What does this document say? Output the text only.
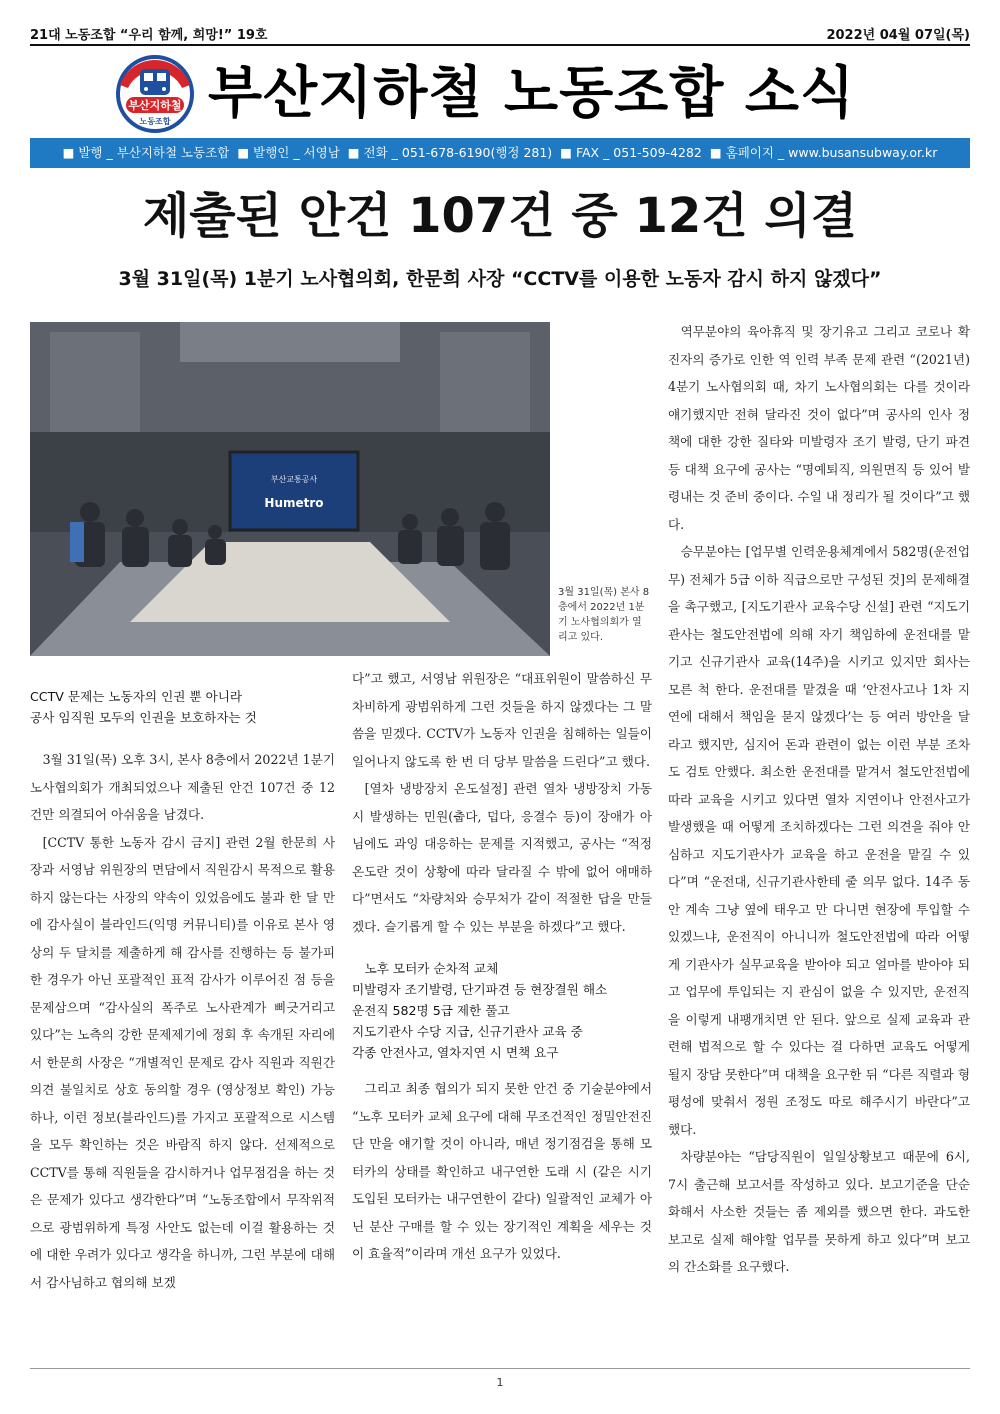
21대 노동조합 “우리 함께, 희망!” 19호	2022년 04월 07일(목)
부산지하철
노동조합 부산지하철 노동조합 소식
■ 발행 _ 부산지하철 노동조합 ■ 발행인 _ 서영남 ■ 전화 _ 051-678-6190(행정 281) ■ FAX _ 051-509-4282 ■ 홈페이지 _ www.busansubway.or.kr
제출된 안건 107건 중 12건 의결
3월 31일(목) 1분기 노사협의회, 한문희 사장 “CCTV를 이용한 노동자 감시 하지 않겠다”
부산교통공사
Humetro
3월 31일(목) 본사 8층에서 2022년 1분기 노사협의회가 열리고 있다.

CCTV 문제는 노동자의 인권 뿐 아니라
공사 임직원 모두의 인권을 보호하자는 것

3월 31일(목) 오후 3시, 본사 8층에서 2022년 1분기 노사협의회가 개최되었으나 제출된 안건 107건 중 12건만 의결되어 아쉬움을 남겼다.

[CCTV 통한 노동자 감시 금지] 관련 2월 한문희 사장과 서영남 위원장의 면담에서 직원감시 목적으로 활용하지 않는다는 사장의 약속이 있었음에도 불과 한 달 만에 감사실이 블라인드(익명 커뮤니티)를 이유로 본사 영상의 두 달치를 제출하게 해 감사를 진행하는 등 불가피한 경우가 아닌 포괄적인 표적 감사가 이루어진 점 등을 문제삼으며 “감사실의 폭주로 노사관계가 삐긋거리고 있다”는 노측의 강한 문제제기에 정회 후 속개된 자리에서 한문희 사장은 “개별적인 문제로 감사 직원과 직원간 의견 불일치로 상호 동의할 경우 (영상정보 확인) 가능하나, 이런 정보(블라인드)를 가지고 포괄적으로 시스템을 모두 확인하는 것은 바람직 하지 않다. 선제적으로 CCTV를 통해 직원들을 감시하거나 업무점검을 하는 것은 문제가 있다고 생각한다”며 “노동조합에서 무작위적으로 광범위하게 특정 사안도 없는데 이걸 활용하는 것에 대한 우려가 있다고 생각을 하니까, 그런 부분에 대해서 감사님하고 협의해 보겠

다”고 했고, 서영남 위원장은 “대표위원이 말씀하신 무차비하게 광범위하게 그런 것들을 하지 않겠다는 그 말씀을 믿겠다. CCTV가 노동자 인권을 침해하는 일들이 일어나지 않도록 한 번 더 당부 말씀을 드린다”고 했다.

[열차 냉방장치 온도설정] 관련 열차 냉방장치 가동시 발생하는 민원(춥다, 덥다, 응결수 등)이 장애가 아님에도 과잉 대응하는 문제를 지적했고, 공사는 “적정온도란 것이 상황에 따라 달라질 수 밖에 없어 애매하다”면서도 “차량처와 승무처가 같이 적절한 답을 만들겠다. 슬기롭게 할 수 있는 부분을 하겠다”고 했다.

노후 모터카 순차적 교체
미발령자 조기발령, 단기파견 등 현장결원 해소
운전직 582명 5급 제한 풀고
지도기관사 수당 지급, 신규기관사 교육 중
각종 안전사고, 열차지연 시 면책 요구

그리고 최종 협의가 되지 못한 안건 중 기술분야에서 “노후 모터카 교체 요구에 대해 무조건적인 정밀안전진단 만을 얘기할 것이 아니라, 매년 정기점검을 통해 모터카의 상태를 확인하고 내구연한 도래 시 (같은 시기 도입된 모터카는 내구연한이 같다) 일괄적인 교체가 아닌 분산 구매를 할 수 있는 장기적인 계획을 세우는 것이 효율적”이라며 개선 요구가 있었다.

역무분야의 육아휴직 및 장기유고 그리고 코로나 확진자의 증가로 인한 역 인력 부족 문제 관련 “(2021년) 4분기 노사협의회 때, 차기 노사협의회는 다를 것이라 얘기했지만 전혀 달라진 것이 없다”며 공사의 인사 정책에 대한 강한 질타와 미발령자 조기 발령, 단기 파견 등 대책 요구에 공사는 “명예퇴직, 의원면직 등 있어 발령내는 것 준비 중이다. 수일 내 정리가 될 것이다”고 했다.

승무분야는 [업무별 인력운용체계에서 582명(운전업무) 전체가 5급 이하 직급으로만 구성된 것]의 문제해결을 촉구했고, [지도기관사 교육수당 신설] 관련 “지도기관사는 철도안전법에 의해 자기 책임하에 운전대를 맡기고 신규기관사 교육(14주)을 시키고 있지만 회사는 모른 척 한다. 운전대를 맡겼을 때 ‘안전사고나 1차 지연에 대해서 책임을 묻지 않겠다’는 등 여러 방안을 달라고 했지만, 심지어 돈과 관련이 없는 이런 부분 조차도 검토 안했다. 최소한 운전대를 맡겨서 철도안전법에 따라 교육을 시키고 있다면 열차 지연이나 안전사고가 발생했을 때 어떻게 조치하겠다는 그런 의견을 줘야 안심하고 지도기관사가 교육을 하고 운전을 맡길 수 있다”며 “운전대, 신규기관사한테 줄 의무 없다. 14주 동안 계속 그냥 옆에 태우고 만 다니면 현장에 투입할 수 있겠느냐, 운전직이 아니니까 철도안전법에 따라 어떻게 기관사가 실무교육을 받아야 되고 얼마를 받아야 되고 업무에 투입되는 지 관심이 없을 수 있지만, 운전직을 이렇게 내팽개치면 안 된다. 앞으로 실제 교육과 관련해 법적으로 할 수 있다는 걸 다하면 교육도 어떻게 될지 장담 못한다”며 대책을 요구한 뒤 “다른 직렬과 형평성에 맞춰서 정원 조정도 따로 해주시기 바란다”고 했다.

차량분야는 “담당직원이 일일상황보고 때문에 6시, 7시 출근해 보고서를 작성하고 있다. 보고기준을 단순화해서 사소한 것들는 좀 제외를 했으면 한다. 과도한 보고로 실제 해야할 업무를 못하게 하고 있다”며 보고의 간소화를 요구했다.

1
